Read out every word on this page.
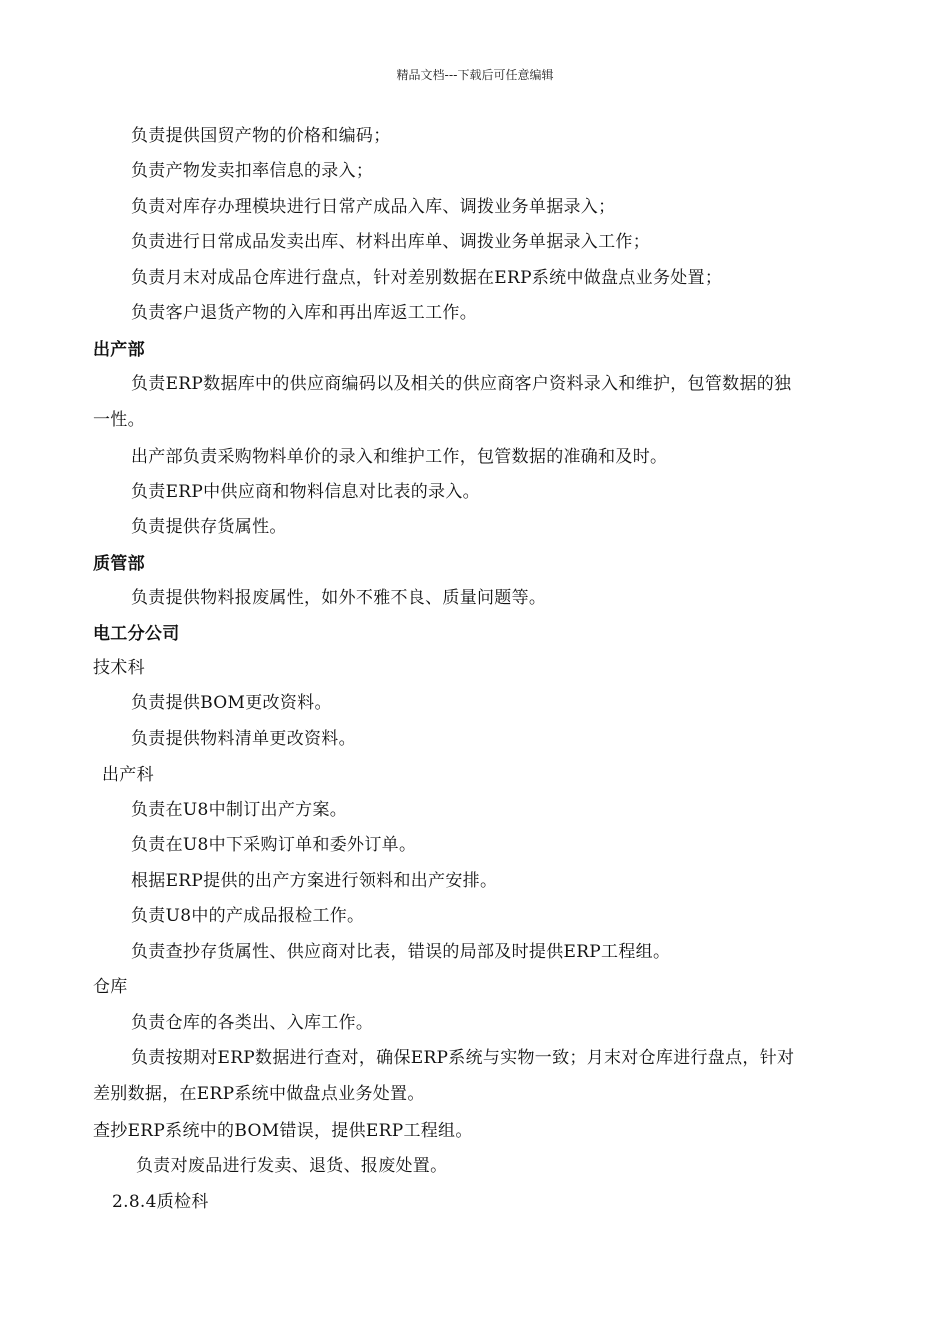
精品文档---下载后可任意编辑
负责提供国贸产物的价格和编码；
负责产物发卖扣率信息的录入；
负责对库存办理模块进行日常产成品入库、调拨业务单据录入；
负责进行日常成品发卖出库、材料出库单、调拨业务单据录入工作；
负责月末对成品仓库进行盘点，针对差别数据在ERP系统中做盘点业务处置；
负责客户退货产物的入库和再出库返工工作。
出产部
负责ERP数据库中的供应商编码以及相关的供应商客户资料录入和维护，包管数据的独
一性。
出产部负责采购物料单价的录入和维护工作，包管数据的准确和及时。
负责ERP中供应商和物料信息对比表的录入。
负责提供存货属性。
质管部
负责提供物料报废属性，如外不雅不良、质量问题等。
电工分公司
技术科
负责提供BOM更改资料。
负责提供物料清单更改资料。
出产科
负责在U8中制订出产方案。
负责在U8中下采购订单和委外订单。
根据ERP提供的出产方案进行领料和出产安排。
负责U8中的产成品报检工作。
负责查抄存货属性、供应商对比表，错误的局部及时提供ERP工程组。
仓库
负责仓库的各类出、入库工作。
负责按期对ERP数据进行查对，确保ERP系统与实物一致；月末对仓库进行盘点，针对
差别数据，在ERP系统中做盘点业务处置。
查抄ERP系统中的BOM错误，提供ERP工程组。
负责对废品进行发卖、退货、报废处置。
2.8.4质检科
